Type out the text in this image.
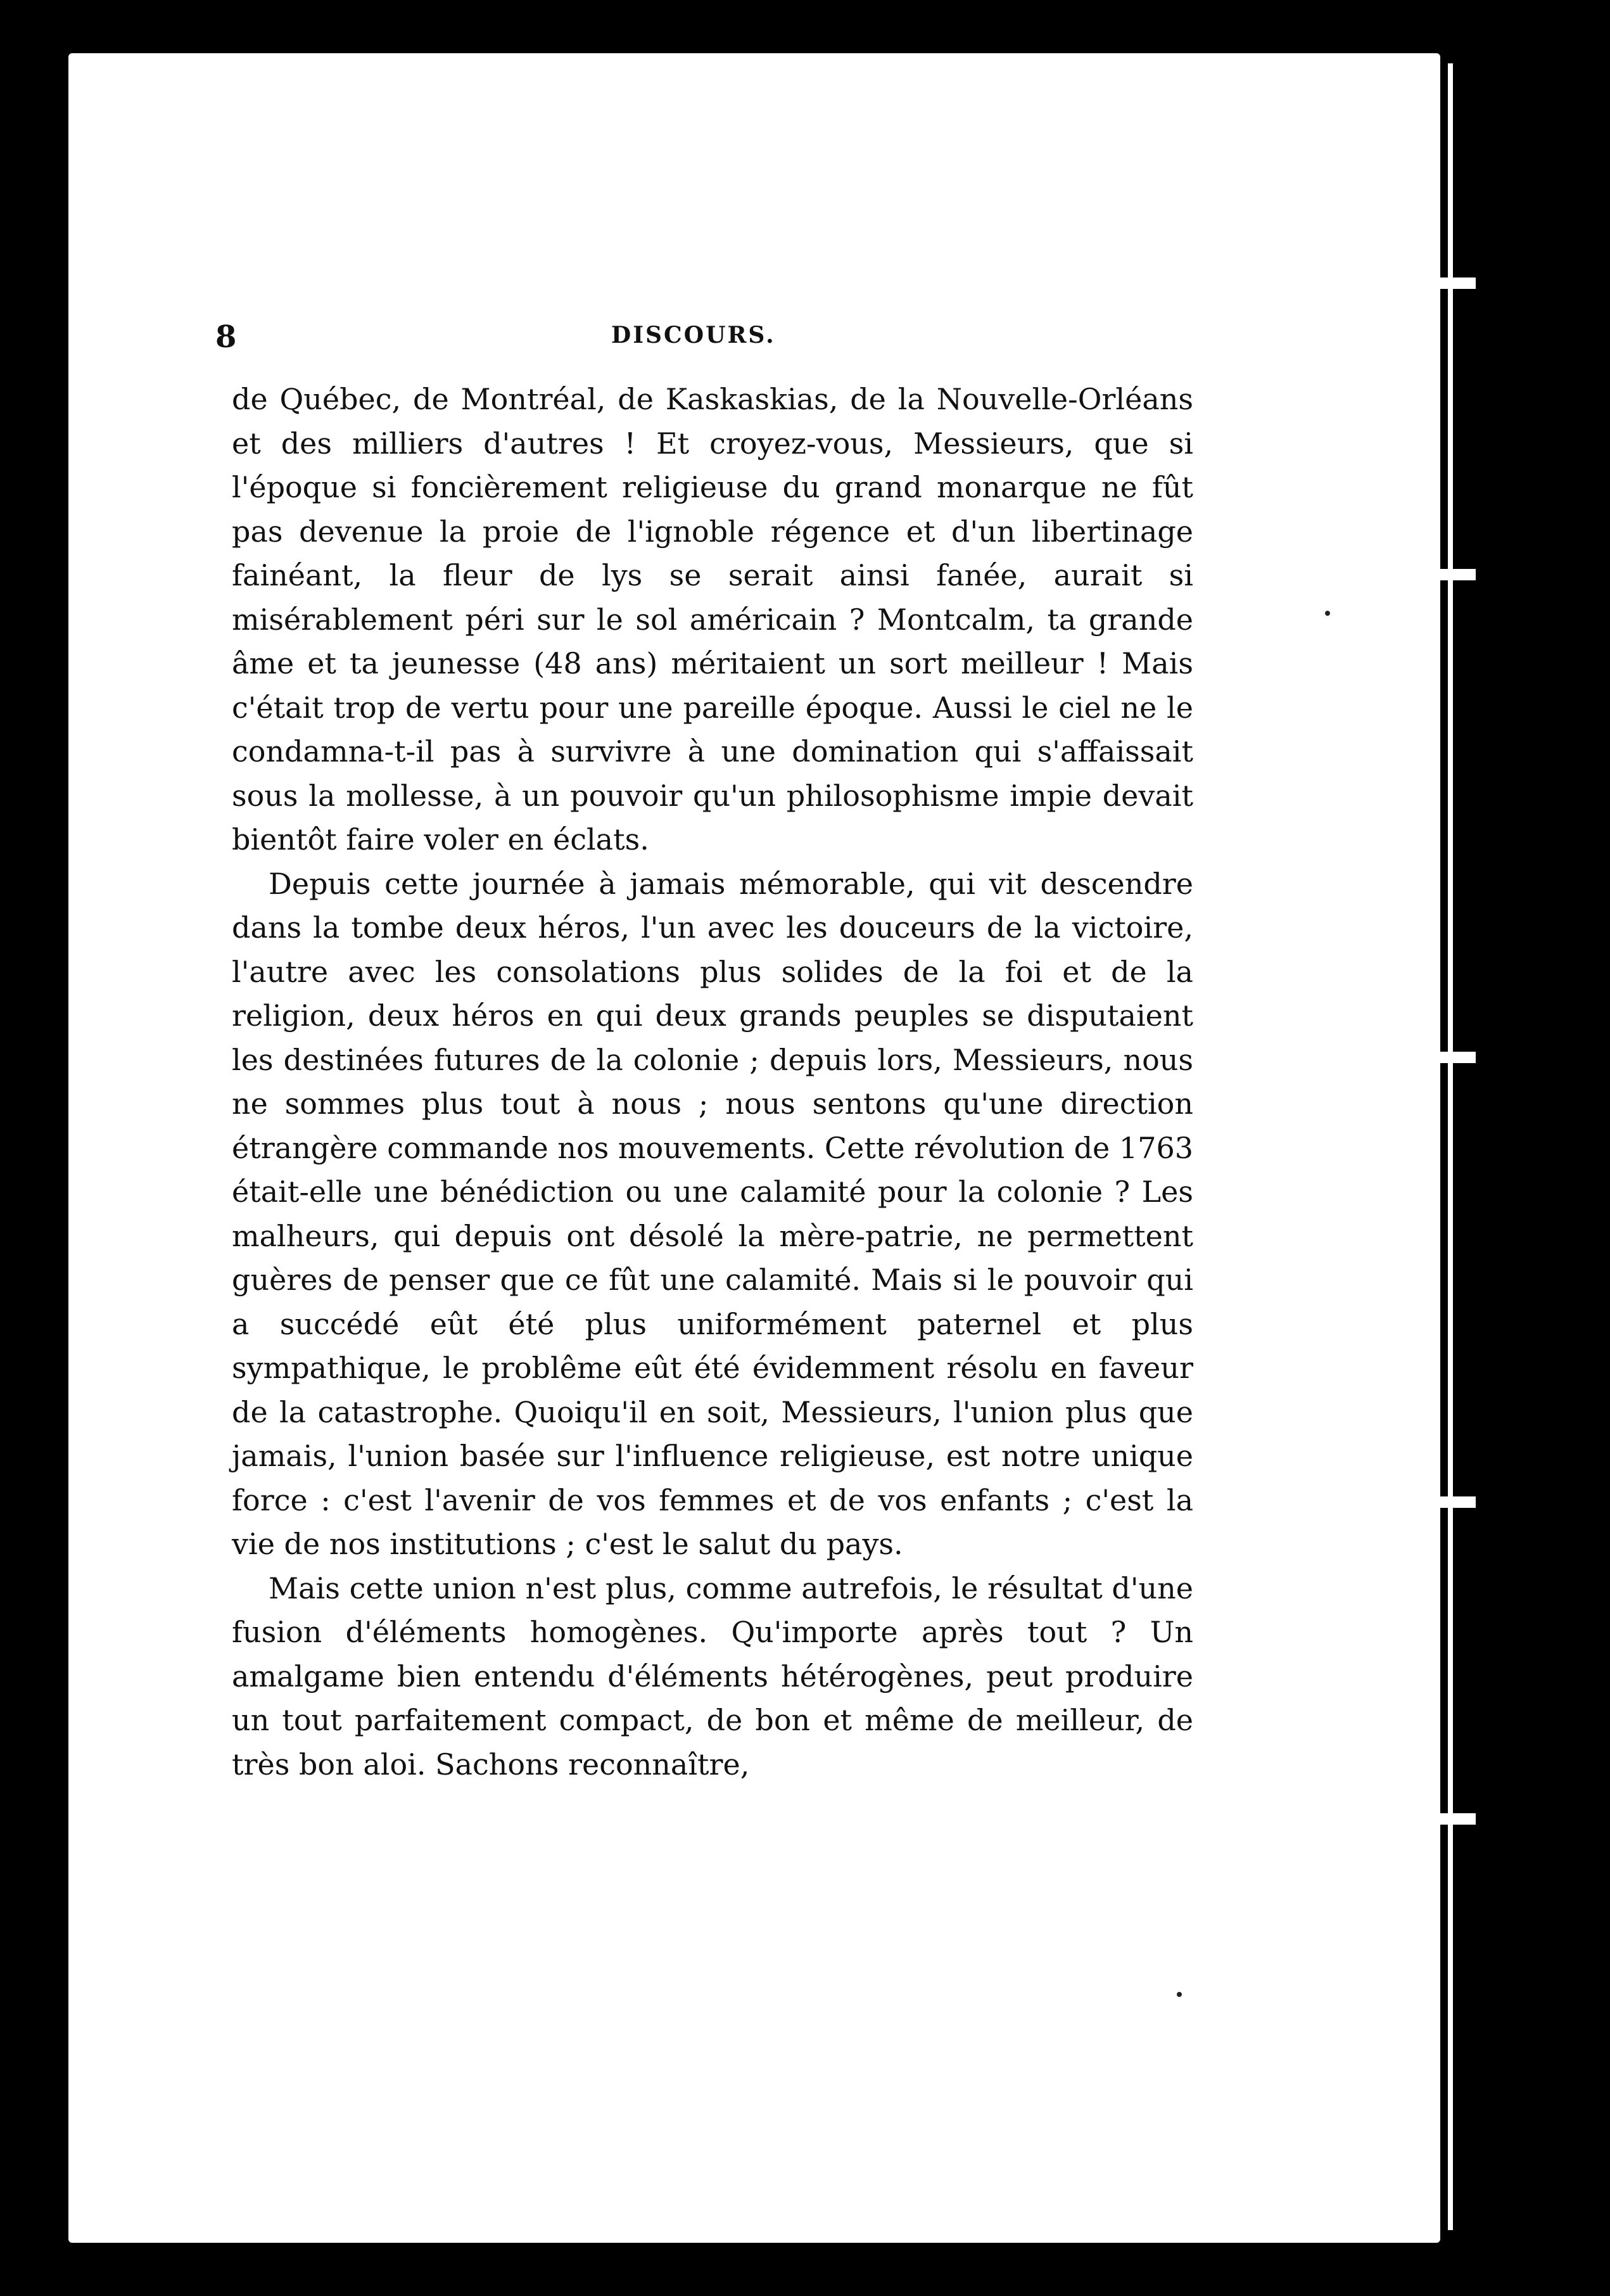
8	DISCOURS.

de Québec, de Montréal, de Kaskaskias, de la Nouvelle-Orléans et des milliers d'autres ! Et croyez-vous, Messieurs, que si l'époque si foncièrement religieuse du grand monarque ne fût pas devenue la proie de l'ignoble régence et d'un libertinage fainéant, la fleur de lys se serait ainsi fanée, aurait si misérablement péri sur le sol américain ? Montcalm, ta grande âme et ta jeunesse (48 ans) méritaient un sort meilleur ! Mais c'était trop de vertu pour une pareille époque. Aussi le ciel ne le condamna-t-il pas à survivre à une domination qui s'affaissait sous la mollesse, à un pouvoir qu'un philosophisme impie devait bientôt faire voler en éclats.

Depuis cette journée à jamais mémorable, qui vit descendre dans la tombe deux héros, l'un avec les douceurs de la victoire, l'autre avec les consolations plus solides de la foi et de la religion, deux héros en qui deux grands peuples se disputaient les destinées futures de la colonie ; depuis lors, Messieurs, nous ne sommes plus tout à nous ; nous sentons qu'une direction étrangère commande nos mouvements. Cette révolution de 1763 était-elle une bénédiction ou une calamité pour la colonie ? Les malheurs, qui depuis ont désolé la mère-patrie, ne permettent guères de penser que ce fût une calamité. Mais si le pouvoir qui a succédé eût été plus uniformément paternel et plus sympathique, le problême eût été évidemment résolu en faveur de la catastrophe. Quoiqu'il en soit, Messieurs, l'union plus que jamais, l'union basée sur l'influence religieuse, est notre unique force : c'est l'avenir de vos femmes et de vos enfants ; c'est la vie de nos institutions ; c'est le salut du pays.

Mais cette union n'est plus, comme autrefois, le résultat d'une fusion d'éléments homogènes. Qu'importe après tout ? Un amalgame bien entendu d'éléments hétérogènes, peut produire un tout parfaitement compact, de bon et même de meilleur, de très bon aloi. Sachons reconnaître,
